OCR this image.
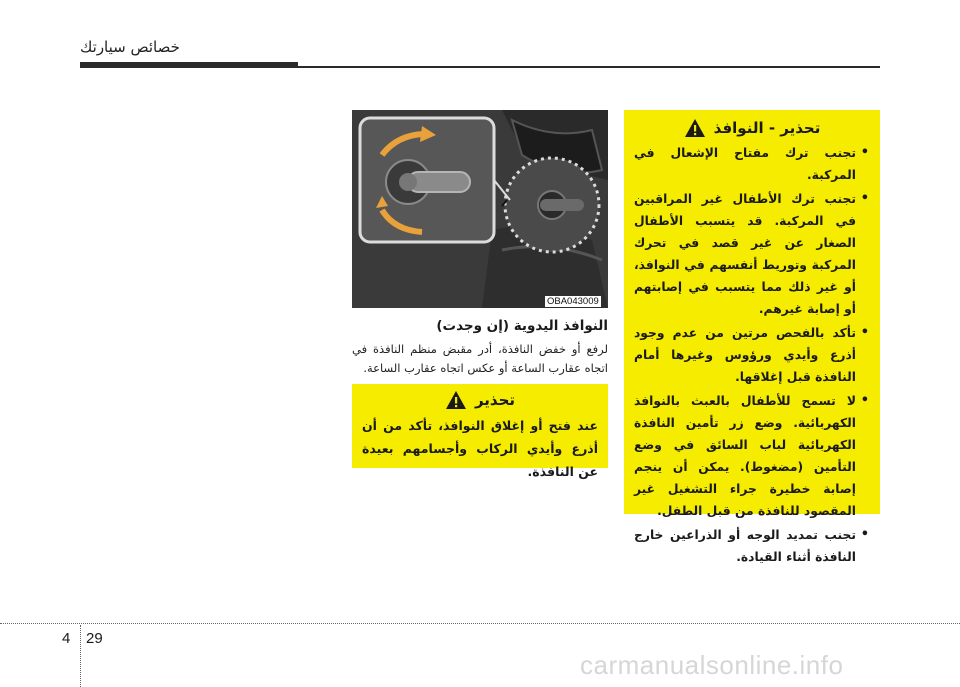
خصائص سيارتك
تحذير - النوافذ
• تجنب ترك مفتاح الإشعال في المركبة.
• تجنب ترك الأطفال غير المراقبين في المركبة. قد يتسبب الأطفال الصغار عن غير قصد في تحرك المركبة وتوريط أنفسهم في النوافذ، أو غير ذلك مما يتسبب في إصابتهم أو إصابة غيرهم.
• تأكد بالفحص مرتين من عدم وجود أذرع وأيدي ورؤوس وغيرها أمام النافذة قبل إغلاقها.
• لا تسمح للأطفال بالعبث بالنوافذ الكهربائية. وضع زر تأمين النافذة الكهربائية لباب السائق في وضع التأمين (مضغوط). يمكن أن ينجم إصابة خطيرة جراء التشغيل غير المقصود للنافذة من قبل الطفل.
• تجنب تمديد الوجه أو الذراعين خارج النافذة أثناء القيادة.
OBA043009
النوافذ اليدوية (إن وجدت)
لرفع أو خفض النافذة، أدر مقبض منظم النافذة في اتجاه عقارب الساعة أو عكس اتجاه عقارب الساعة.
تحذير
عند فتح أو إغلاق النوافذ، تأكد من أن أذرع وأيدي الركاب وأجسامهم بعيدة عن النافذة.
4 29
carmanualsonline.info
